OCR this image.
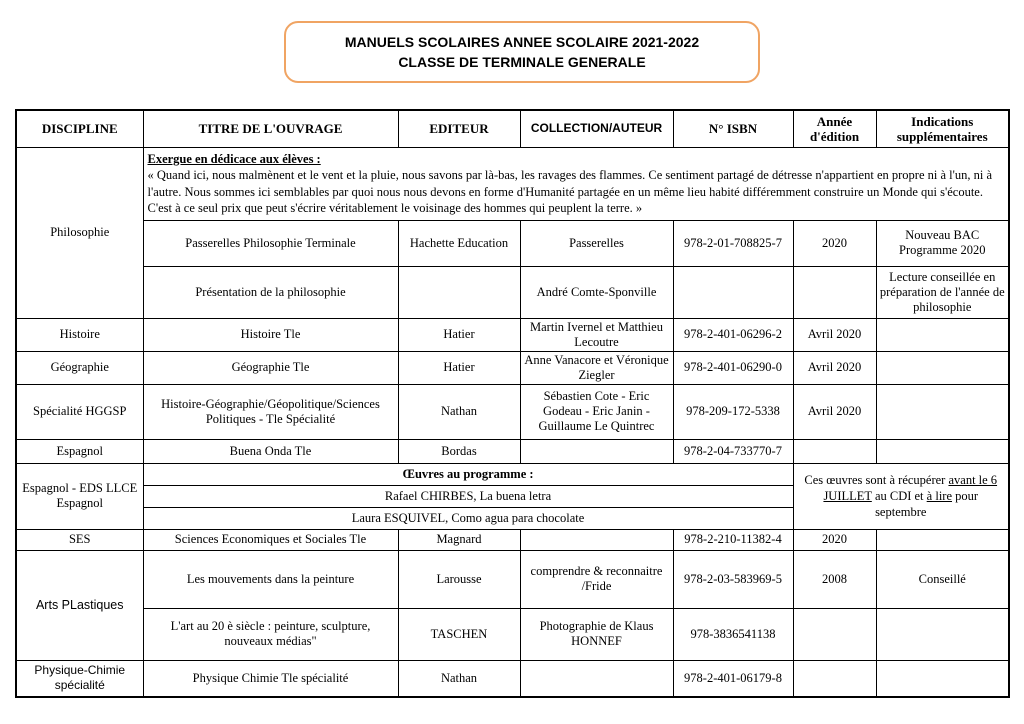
MANUELS SCOLAIRES ANNEE SCOLAIRE 2021-2022
CLASSE DE TERMINALE GENERALE
DISCIPLINE	TITRE DE L'OUVRAGE	EDITEUR	COLLECTION/AUTEUR	N° ISBN	Année d'édition	Indications supplémentaires
Philosophie	Exergue en dédicace aux élèves :
« Quand ici, nous malmènent et le vent et la pluie, nous savons par là-bas, les ravages des flammes. Ce sentiment partagé de détresse n'appartient en propre ni à l'un, ni à l'autre. Nous sommes ici semblables par quoi nous nous devons en forme d'Humanité partagée en un même lieu habité différemment construire un Monde qui s'écoute. C'est à ce seul prix que peut s'écrire véritablement le voisinage des hommes qui peuplent la terre. »					
	Passerelles Philosophie Terminale	Hachette Education	Passerelles	978-2-01-708825-7	2020	Nouveau BAC Programme 2020
	Présentation de la philosophie		André Comte-Sponville			Lecture conseillée en préparation de l'année de philosophie
Histoire	Histoire Tle	Hatier	Martin Ivernel et Matthieu Lecoutre	978-2-401-06296-2	Avril 2020	
Géographie	Géographie Tle	Hatier	Anne Vanacore et Véronique Ziegler	978-2-401-06290-0	Avril 2020	
Spécialité HGGSP	Histoire-Géographie/Géopolitique/Sciences Politiques - Tle Spécialité	Nathan	Sébastien Cote - Eric Godeau - Eric Janin - Guillaume Le Quintrec	978-209-172-5338	Avril 2020	
Espagnol	Buena Onda Tle	Bordas		978-2-04-733770-7		
Espagnol - EDS LLCE Espagnol	Œuvres au programme :
Rafael CHIRBES, La buena letra
Laura ESQUIVEL, Como agua para chocolate				Ces œuvres sont à récupérer avant le 6 JUILLET au CDI et à lire pour septembre	
SES	Sciences Economiques et Sociales Tle	Magnard		978-2-210-11382-4	2020	
Arts PLastiques	Les mouvements dans la peinture	Larousse	comprendre & reconnaitre /Fride	978-2-03-583969-5	2008	Conseillé
	L'art au 20 è siècle : peinture, sculpture, nouveaux médias"	TASCHEN	Photographie de Klaus HONNEF	978-3836541138		
Physique-Chimie spécialité	Physique Chimie Tle spécialité	Nathan		978-2-401-06179-8		
